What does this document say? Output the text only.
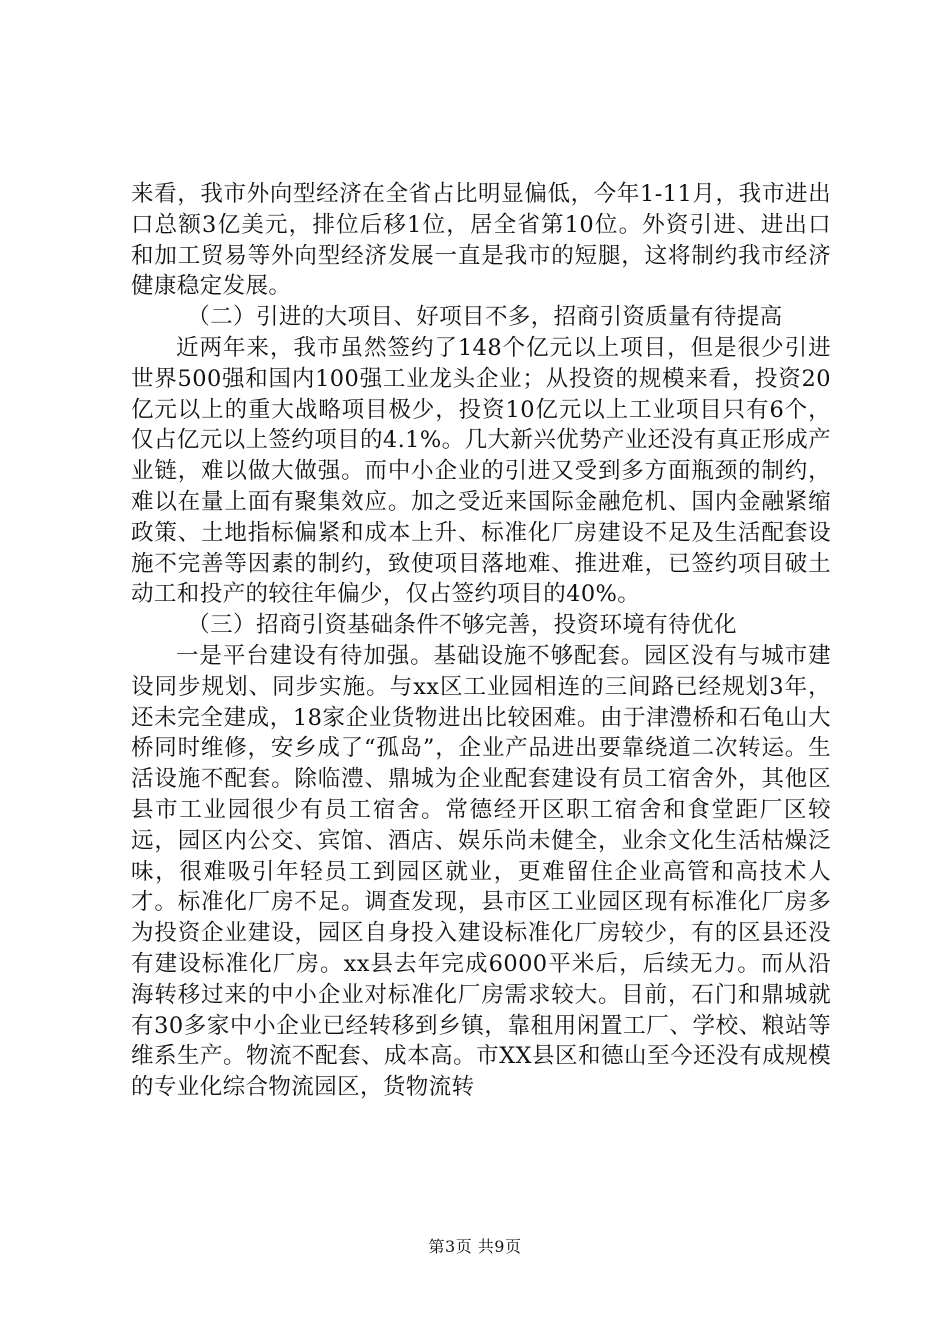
来看，我市外向型经济在全省占比明显偏低，今年1-11月，我市进出口总额3亿美元，排位后移1位，居全省第10位。外资引进、进出口和加工贸易等外向型经济发展一直是我市的短腿，这将制约我市经济健康稳定发展。

（二）引进的大项目、好项目不多，招商引资质量有待提高

近两年来，我市虽然签约了148个亿元以上项目，但是很少引进世界500强和国内100强工业龙头企业；从投资的规模来看，投资20亿元以上的重大战略项目极少，投资10亿元以上工业项目只有6个，仅占亿元以上签约项目的4.1%。几大新兴优势产业还没有真正形成产业链，难以做大做强。而中小企业的引进又受到多方面瓶颈的制约，难以在量上面有聚集效应。加之受近来国际金融危机、国内金融紧缩政策、土地指标偏紧和成本上升、标准化厂房建设不足及生活配套设施不完善等因素的制约，致使项目落地难、推进难，已签约项目破土动工和投产的较往年偏少，仅占签约项目的40%。

（三）招商引资基础条件不够完善，投资环境有待优化

一是平台建设有待加强。基础设施不够配套。园区没有与城市建设同步规划、同步实施。与xx区工业园相连的三间路已经规划3年，还未完全建成，18家企业货物进出比较困难。由于津澧桥和石龟山大桥同时维修，安乡成了“孤岛”，企业产品进出要靠绕道二次转运。生活设施不配套。除临澧、鼎城为企业配套建设有员工宿舍外，其他区县市工业园很少有员工宿舍。常德经开区职工宿舍和食堂距厂区较远，园区内公交、宾馆、酒店、娱乐尚未健全，业余文化生活枯燥泛味，很难吸引年轻员工到园区就业，更难留住企业高管和高技术人才。标准化厂房不足。调查发现，县市区工业园区现有标准化厂房多为投资企业建设，园区自身投入建设标准化厂房较少，有的区县还没有建设标准化厂房。xx县去年完成6000平米后，后续无力。而从沿海转移过来的中小企业对标准化厂房需求较大。目前，石门和鼎城就有30多家中小企业已经转移到乡镇，靠租用闲置工厂、学校、粮站等维系生产。物流不配套、成本高。市XX县区和德山至今还没有成规模的专业化综合物流园区，货物流转

第3页 共9页
